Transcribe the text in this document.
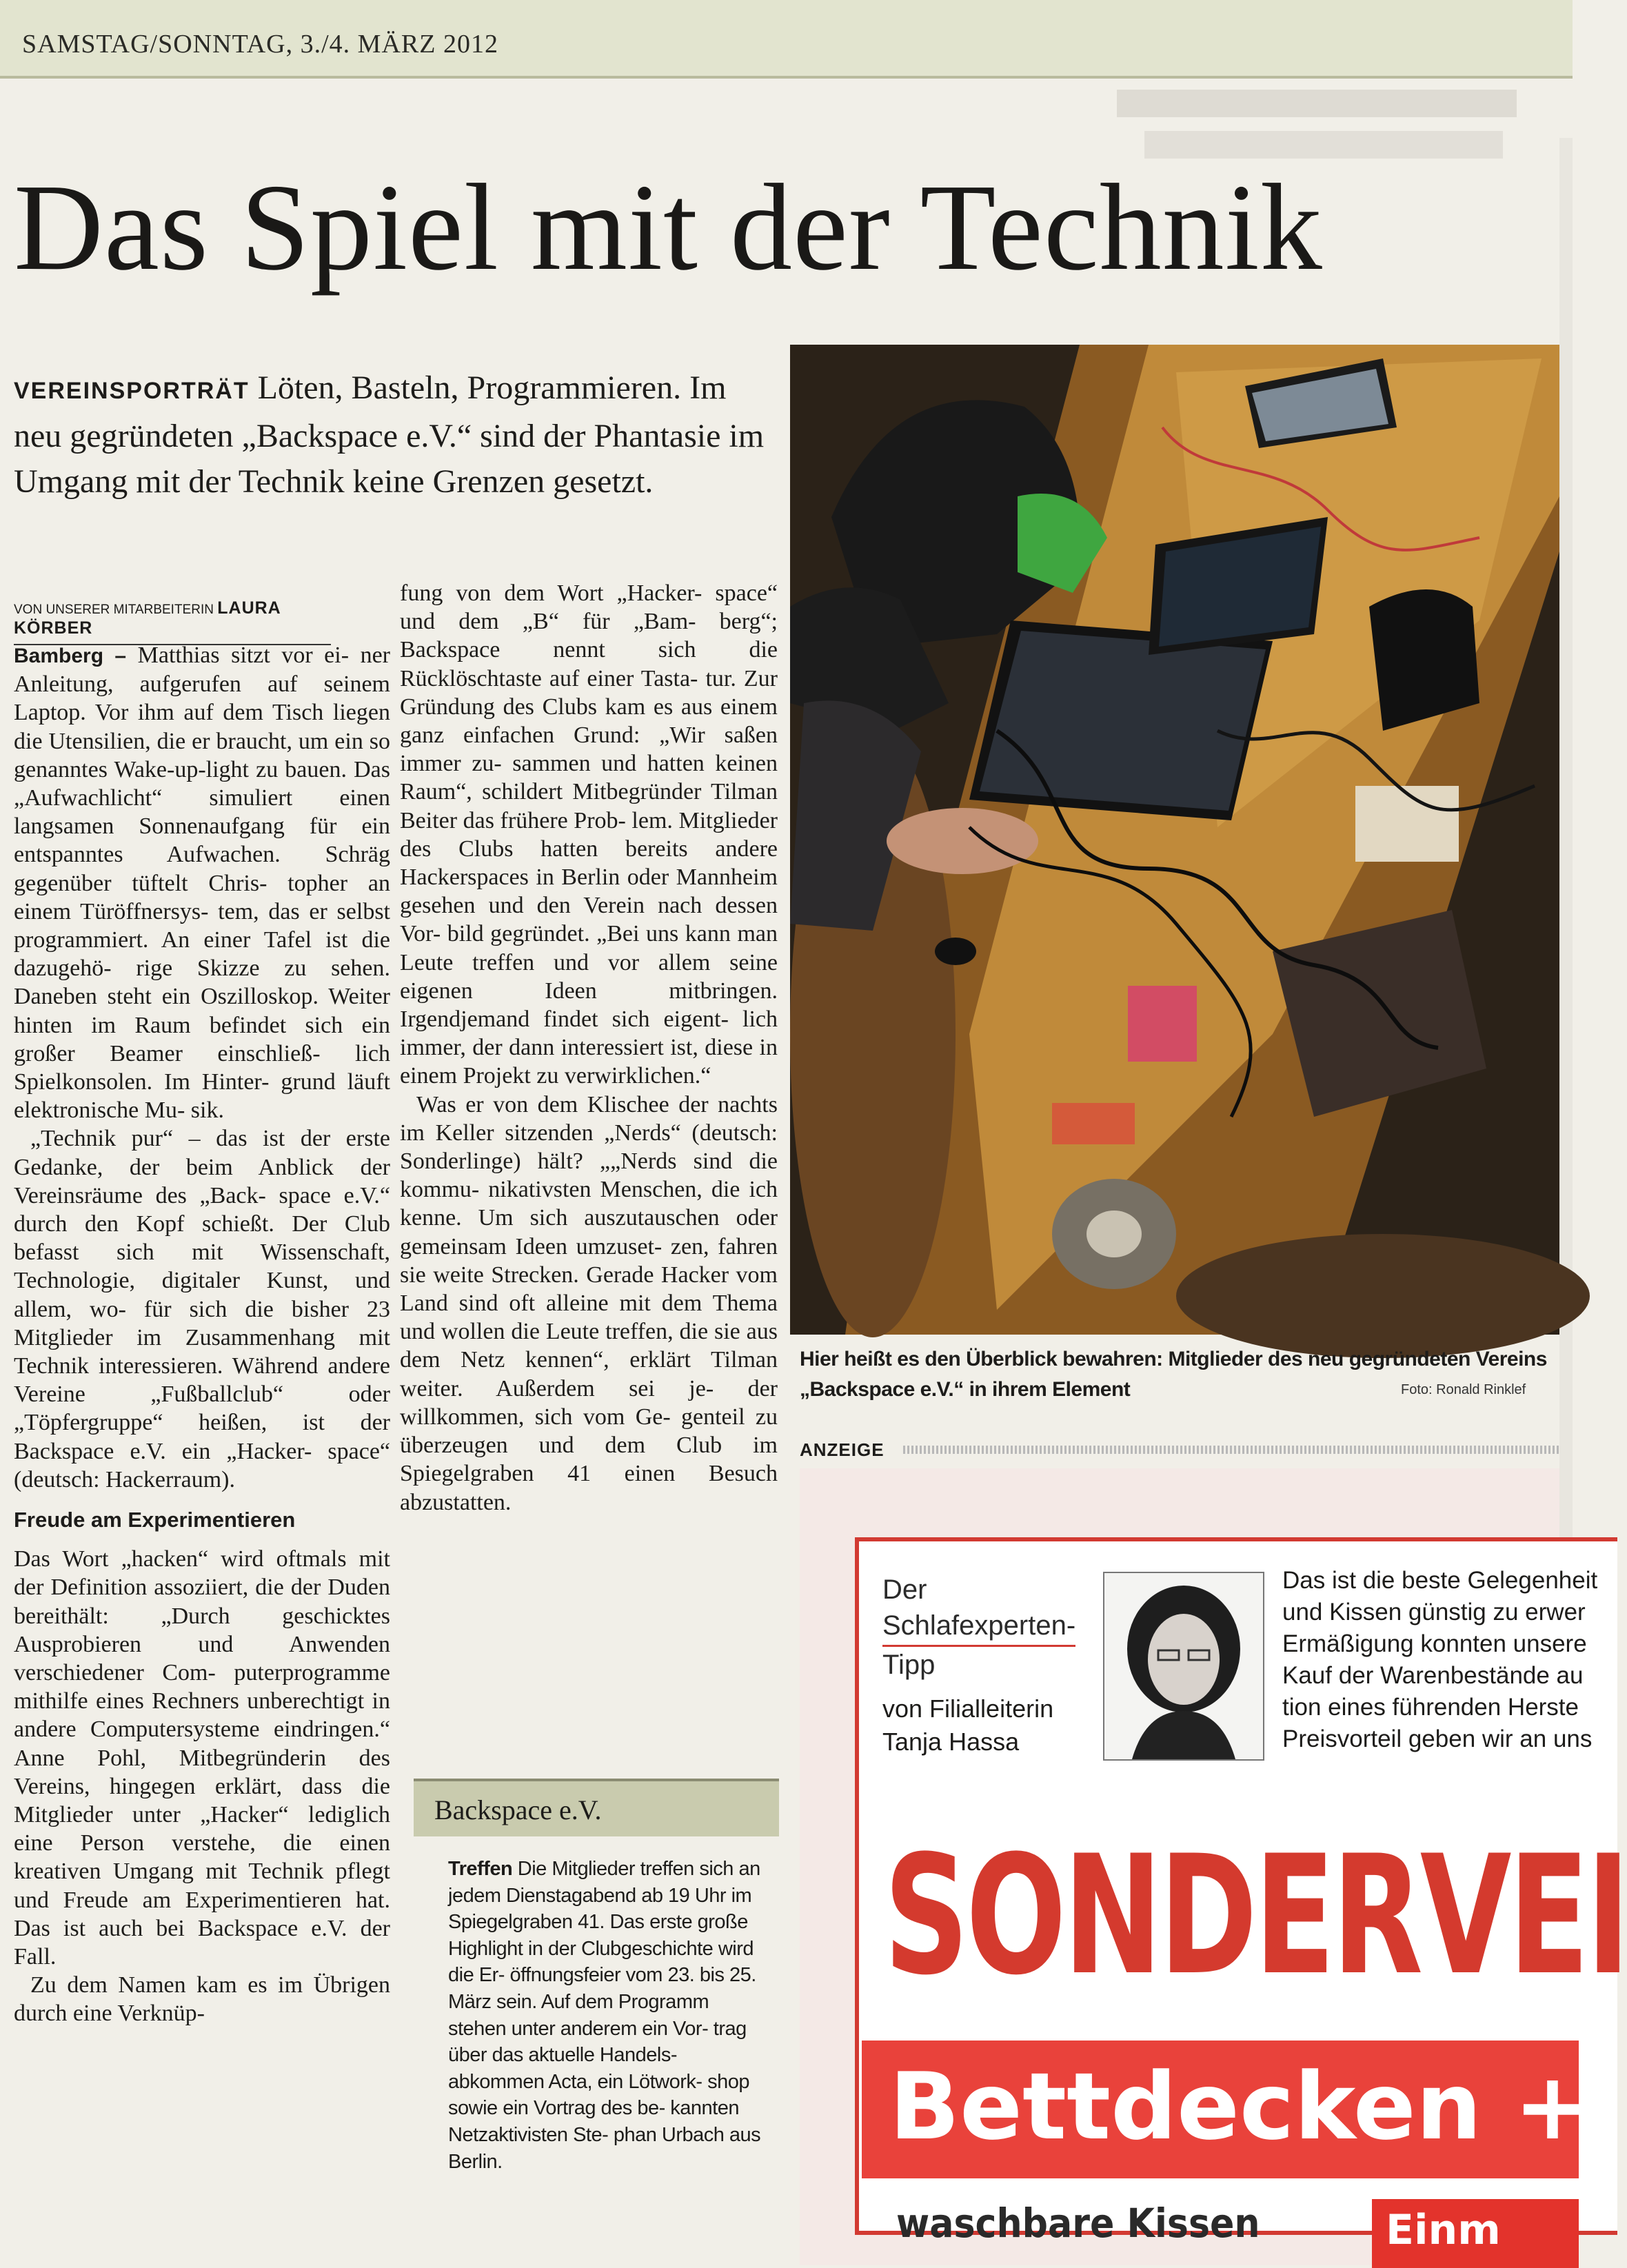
SAMSTAG/SONNTAG, 3./4. MÄRZ 2012
Das Spiel mit der Technik
VEREINSPORTRÄT Löten, Basteln, Programmieren. Im neu gegründeten „Backspace e.V.“ sind der Phantasie im Umgang mit der Technik keine Grenzen gesetzt.
VON UNSERER MITARBEITERIN LAURA KÖRBER

Bamberg – Matthias sitzt vor ei- ner Anleitung, aufgerufen auf seinem Laptop. Vor ihm auf dem Tisch liegen die Utensilien, die er braucht, um ein so genanntes Wake-up-light zu bauen. Das „Aufwachlicht“ simuliert einen langsamen Sonnenaufgang für ein entspanntes Aufwachen. Schräg gegenüber tüftelt Chris- topher an einem Türöffnersys- tem, das er selbst programmiert. An einer Tafel ist die dazugehö- rige Skizze zu sehen. Daneben steht ein Oszilloskop. Weiter hinten im Raum befindet sich ein großer Beamer einschließ- lich Spielkonsolen. Im Hinter- grund läuft elektronische Mu- sik.

„Technik pur“ – das ist der erste Gedanke, der beim Anblick der Vereinsräume des „Back- space e.V.“ durch den Kopf schießt. Der Club befasst sich mit Wissenschaft, Technologie, digitaler Kunst, und allem, wo- für sich die bisher 23 Mitglieder im Zusammenhang mit Technik interessieren. Während andere Vereine „Fußballclub“ oder „Töpfergruppe“ heißen, ist der Backspace e.V. ein „Hacker- space“ (deutsch: Hackerraum).

Freude am Experimentieren

Das Wort „hacken“ wird oftmals mit der Definition assoziiert, die der Duden bereithält: „Durch geschicktes Ausprobieren und Anwenden verschiedener Com- puterprogramme mithilfe eines Rechners unberechtigt in andere Computersysteme eindringen.“ Anne Pohl, Mitbegründerin des Vereins, hingegen erklärt, dass die Mitglieder unter „Hacker“ lediglich eine Person verstehe, die einen kreativen Umgang mit Technik pflegt und Freude am Experimentieren hat. Das ist auch bei Backspace e.V. der Fall.

Zu dem Namen kam es im Übrigen durch eine Verknüp-

fung von dem Wort „Hacker- space“ und dem „B“ für „Bam- berg“; Backspace nennt sich die Rücklöschtaste auf einer Tasta- tur. Zur Gründung des Clubs kam es aus einem ganz einfachen Grund: „Wir saßen immer zu- sammen und hatten keinen Raum“, schildert Mitbegründer Tilman Beiter das frühere Prob- lem. Mitglieder des Clubs hatten bereits andere Hackerspaces in Berlin oder Mannheim gesehen und den Verein nach dessen Vor- bild gegründet. „Bei uns kann man Leute treffen und vor allem seine eigenen Ideen mitbringen. Irgendjemand findet sich eigent- lich immer, der dann interessiert ist, diese in einem Projekt zu verwirklichen.“

Was er von dem Klischee der nachts im Keller sitzenden „Nerds“ (deutsch: Sonderlinge) hält? „„Nerds sind die kommu- nikativsten Menschen, die ich kenne. Um sich auszutauschen oder gemeinsam Ideen umzuset- zen, fahren sie weite Strecken. Gerade Hacker vom Land sind oft alleine mit dem Thema und wollen die Leute treffen, die sie aus dem Netz kennen“, erklärt Tilman weiter. Außerdem sei je- der willkommen, sich vom Ge- genteil zu überzeugen und dem Club im Spiegelgraben 41 einen Besuch abzustatten.

Backspace e.V.
Treffen Die Mitglieder treffen sich an jedem Dienstagabend ab 19 Uhr im Spiegelgraben 41. Das erste große Highlight in der Clubgeschichte wird die Er- öffnungsfeier vom 23. bis 25. März sein. Auf dem Programm stehen unter anderem ein Vor- trag über das aktuelle Handels- abkommen Acta, ein Lötwork- shop sowie ein Vortrag des be- kannten Netzaktivisten Ste- phan Urbach aus Berlin.
Hier heißt es den Überblick bewahren: Mitglieder des neu gegründeten Vereins „Backspace e.V.“ in ihrem Element	Foto: Ronald Rinklef
ANZEIGE
Der
Schlafexperten-
Tipp
von Filialleiterin
Tanja Hassa
Das ist die beste Gelegenheit
und Kissen günstig zu erwer
Ermäßigung konnten unsere
Kauf der Warenbestände au
tion eines führenden Herste
Preisvorteil geben wir an uns
SONDERVEI
Bettdecken +
waschbare Kissen	Einm
